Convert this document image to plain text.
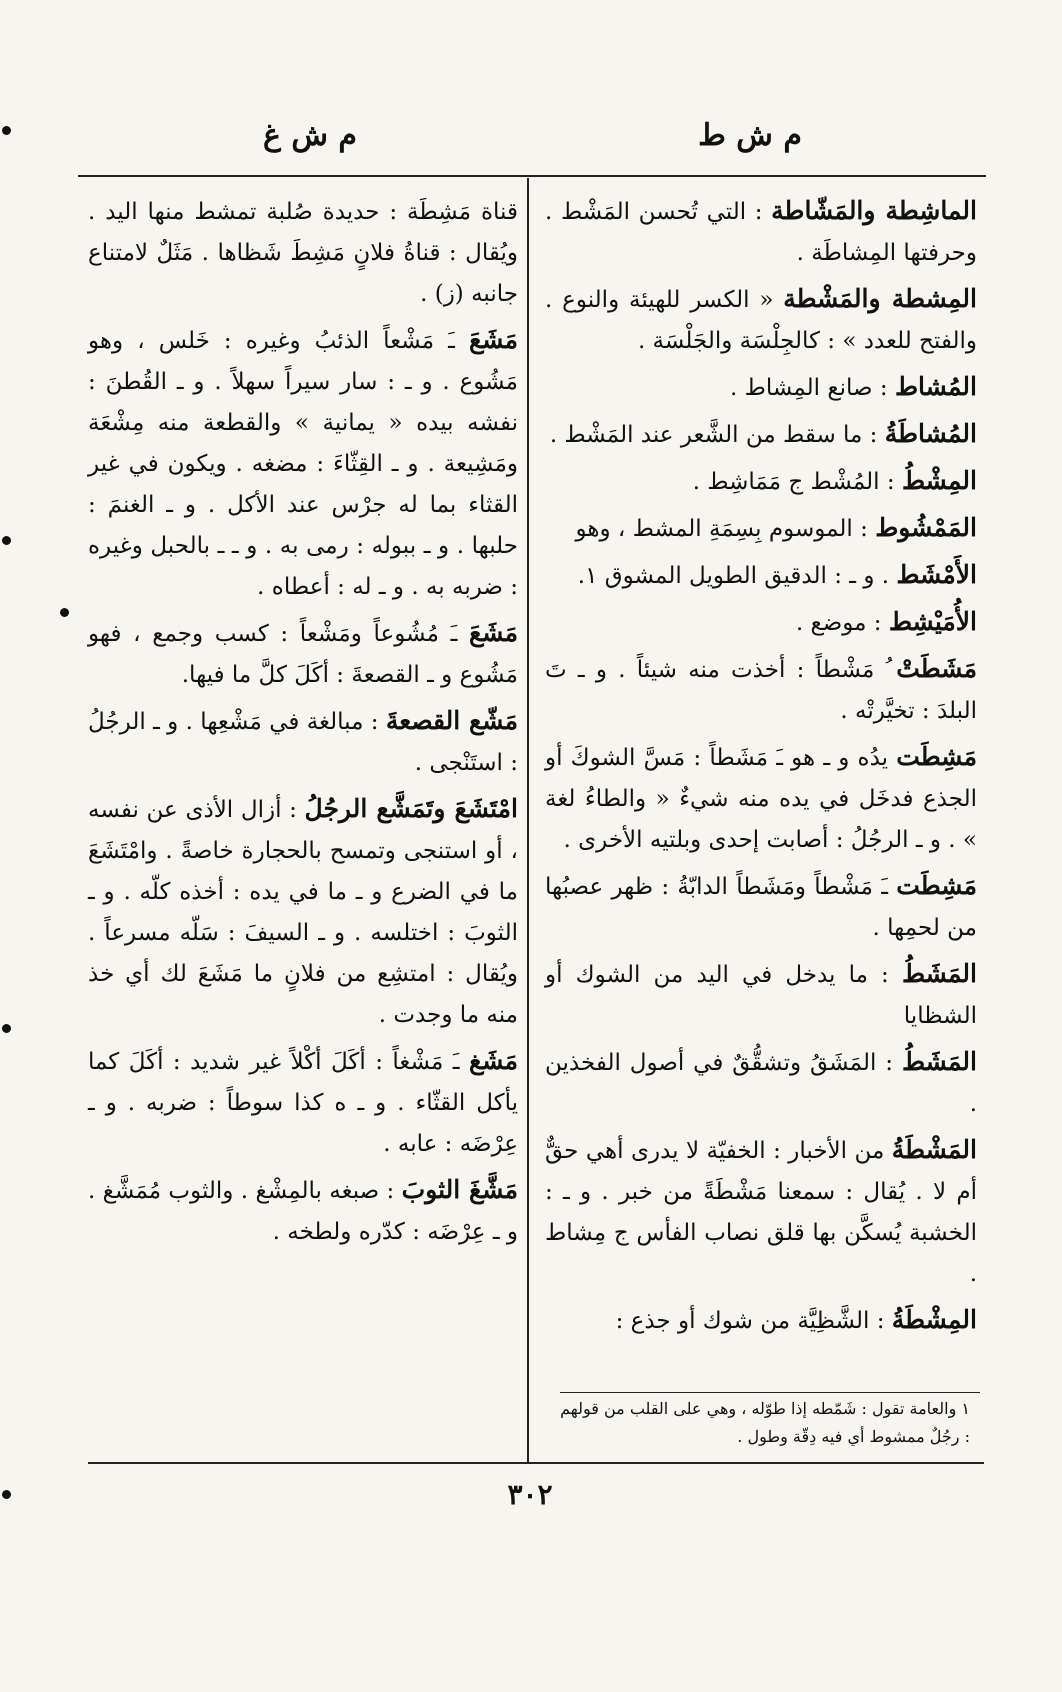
م ش ط
م ش غ

الماشِطة والمَشّاطة : التي تُحسن المَشْط . وحرفتها المِشاطَة .

المِشطة والمَشْطة « الكسر للهيئة والنوع . والفتح للعدد » : كالجِلْسَة والجَلْسَة .

المُشاط : صانع المِشاط .

المُشاطَةُ : ما سقط من الشَّعر عند المَشْط .

المِشْطُ : المُشْط ج مَمَاشِط .

المَمْشُوط : الموسوم بِسِمَةِ المشط ، وهو

الأَمْشَط . و ـ : الدقيق الطويل المشوق ١.

الأُمَيْشِط : موضع .

مَشَطَتْ ُ مَشْطاً : أخذت منه شيئاً . و ـ تَ البلدَ : تخيَّرتْه .

مَشِطَت يدُه و ـ هو ـَ مَشَطاً : مَسَّ الشوكَ أو الجذع فدخَل في يده منه شيءٌ « والطاءُ لغة » . و ـ الرجُلُ : أصابت إحدى وبلتيه الأخرى .

مَشِطَت ـَ مَشْطاً ومَشَطاً الدابّةُ : ظهر عصبُها من لحمِها .

المَشَطُ : ما يدخل في اليد من الشوك أو الشظايا

المَشَطُ : المَشَقُ وتشقُّقٌ في أصول الفخذين .

المَشْطَةُ من الأخبار : الخفيّة لا يدرى أهي حقٌّ أم لا . يُقال : سمعنا مَشْطَةً من خبر . و ـ : الخشبة يُسكَّن بها قلق نصاب الفأس ج مِشاط .

المِشْطَةُ : الشَّظِيَّة من شوك أو جذع :

١ والعامة تقول : شَمّطه إذا طوّله ، وهي على القلب من قولهم : رجُلٌ ممشوط أي فيه دِقّة وطول .

قناة مَشِطَة : حديدة صُلبة تمشط منها اليد . ويُقال : قناةُ فلانٍ مَشِطَ شَظاها . مَثَلٌ لامتناع جانبه (ز) .

مَشَعَ ـَ مَشْعاً الذئبُ وغيره : خَلس ، وهو مَشُوع . و ـ : سار سيراً سهلاً . و ـ القُطنَ : نفشه بيده « يمانية » والقطعة منه مِشْعَة ومَشِيعة . و ـ القِثّاءَ : مضغه . ويكون في غير القثاء بما له جرْس عند الأكل . و ـ الغنمَ : حلبها . و ـ ببوله : رمى به . و ـ ـ بالحبل وغيره : ضربه به . و ـ له : أعطاه .

مَشَعَ ـَ مُشُوعاً ومَشْعاً : كسب وجمع ، فهو مَشُوع و ـ القصعةَ : أكَلَ كلَّ ما فيها.

مَشّع القصعةَ : مبالغة في مَشْعِها . و ـ الرجُلُ : استَنْجى .

امْتَشَعَ وتَمَشَّع الرجُلُ : أزال الأذى عن نفسه ، أو استنجى وتمسح بالحجارة خاصةً . وامْتَشَعَ ما في الضرع و ـ ما في يده : أخذه كلّه . و ـ الثوبَ : اختلسه . و ـ السيفَ : سَلّه مسرعاً . ويُقال : امتشِع من فلانٍ ما مَشَعَ لك أي خذ منه ما وجدت .

مَشَغ ـَ مَشْغاً : أكَلَ أكْلاً غير شديد : أكَلَ كما يأكل القثّاء . و ـ ه كذا سوطاً : ضربه . و ـ عِرْضَه : عابه .

مَشَّغَ الثوبَ : صبغه بالمِشْغ . والثوب مُمَشَّغ . و ـ عِرْضَه : كدّره ولطخه .

٣٠٢
